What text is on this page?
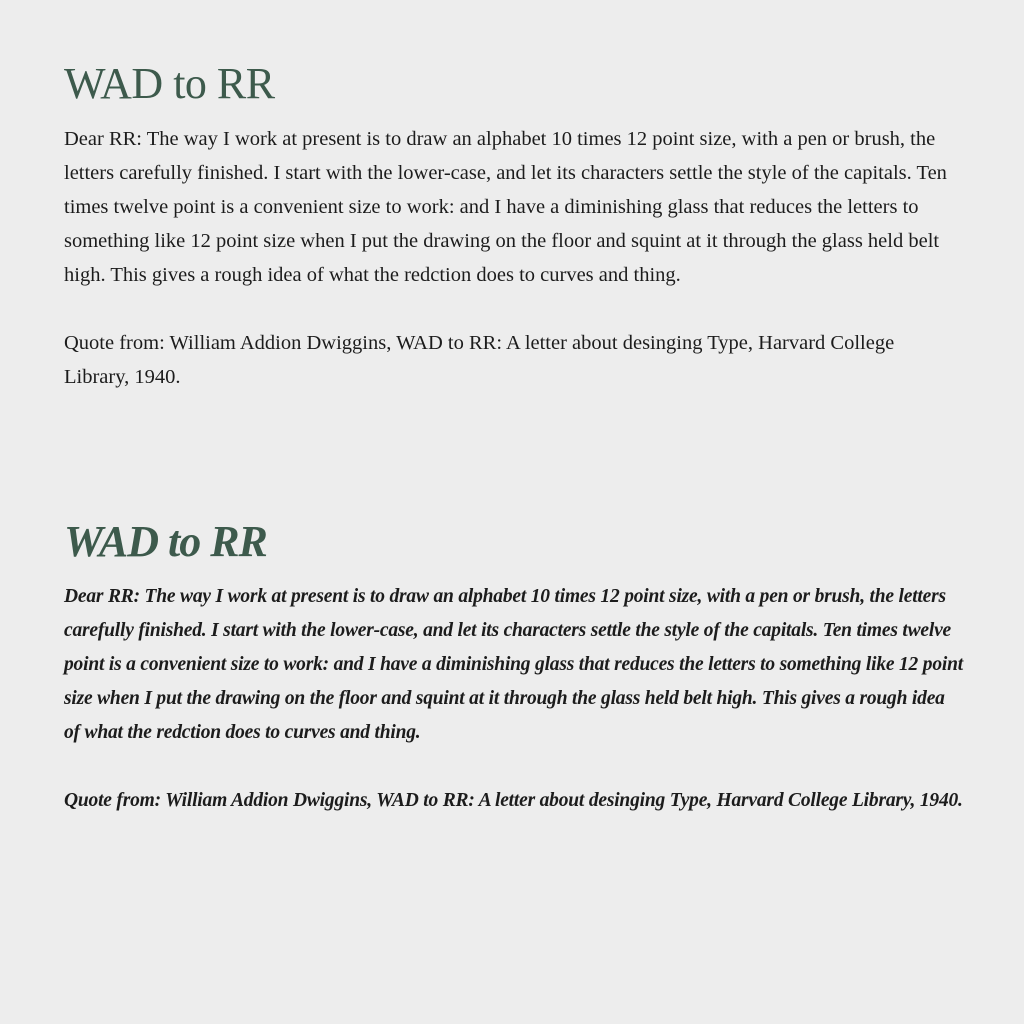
WAD to RR

Dear RR: The way I work at present is to draw an alphabet 10 times 12 point size, with a pen or brush, the letters carefully finished. I start with the lower-case, and let its characters settle the style of the capitals. Ten times twelve point is a convenient size to work: and I have a diminishing glass that reduces the letters to something like 12 point size when I put the drawing on the floor and squint at it through the glass held belt high. This gives a rough idea of what the redction does to curves and thing.

Quote from: William Addion Dwiggins, WAD to RR: A letter about desinging Type, Harvard College Library, 1940.

WAD to RR

Dear RR: The way I work at present is to draw an alphabet 10 times 12 point size, with a pen or brush, the letters carefully finished. I start with the lower-case, and let its characters settle the style of the capitals. Ten times twelve point is a convenient size to work: and I have a diminishing glass that reduces the letters to something like 12 point size when I put the drawing on the floor and squint at it through the glass held belt high. This gives a rough idea of what the redction does to curves and thing.

Quote from: William Addion Dwiggins, WAD to RR: A letter about desinging Type, Harvard College Library, 1940.
